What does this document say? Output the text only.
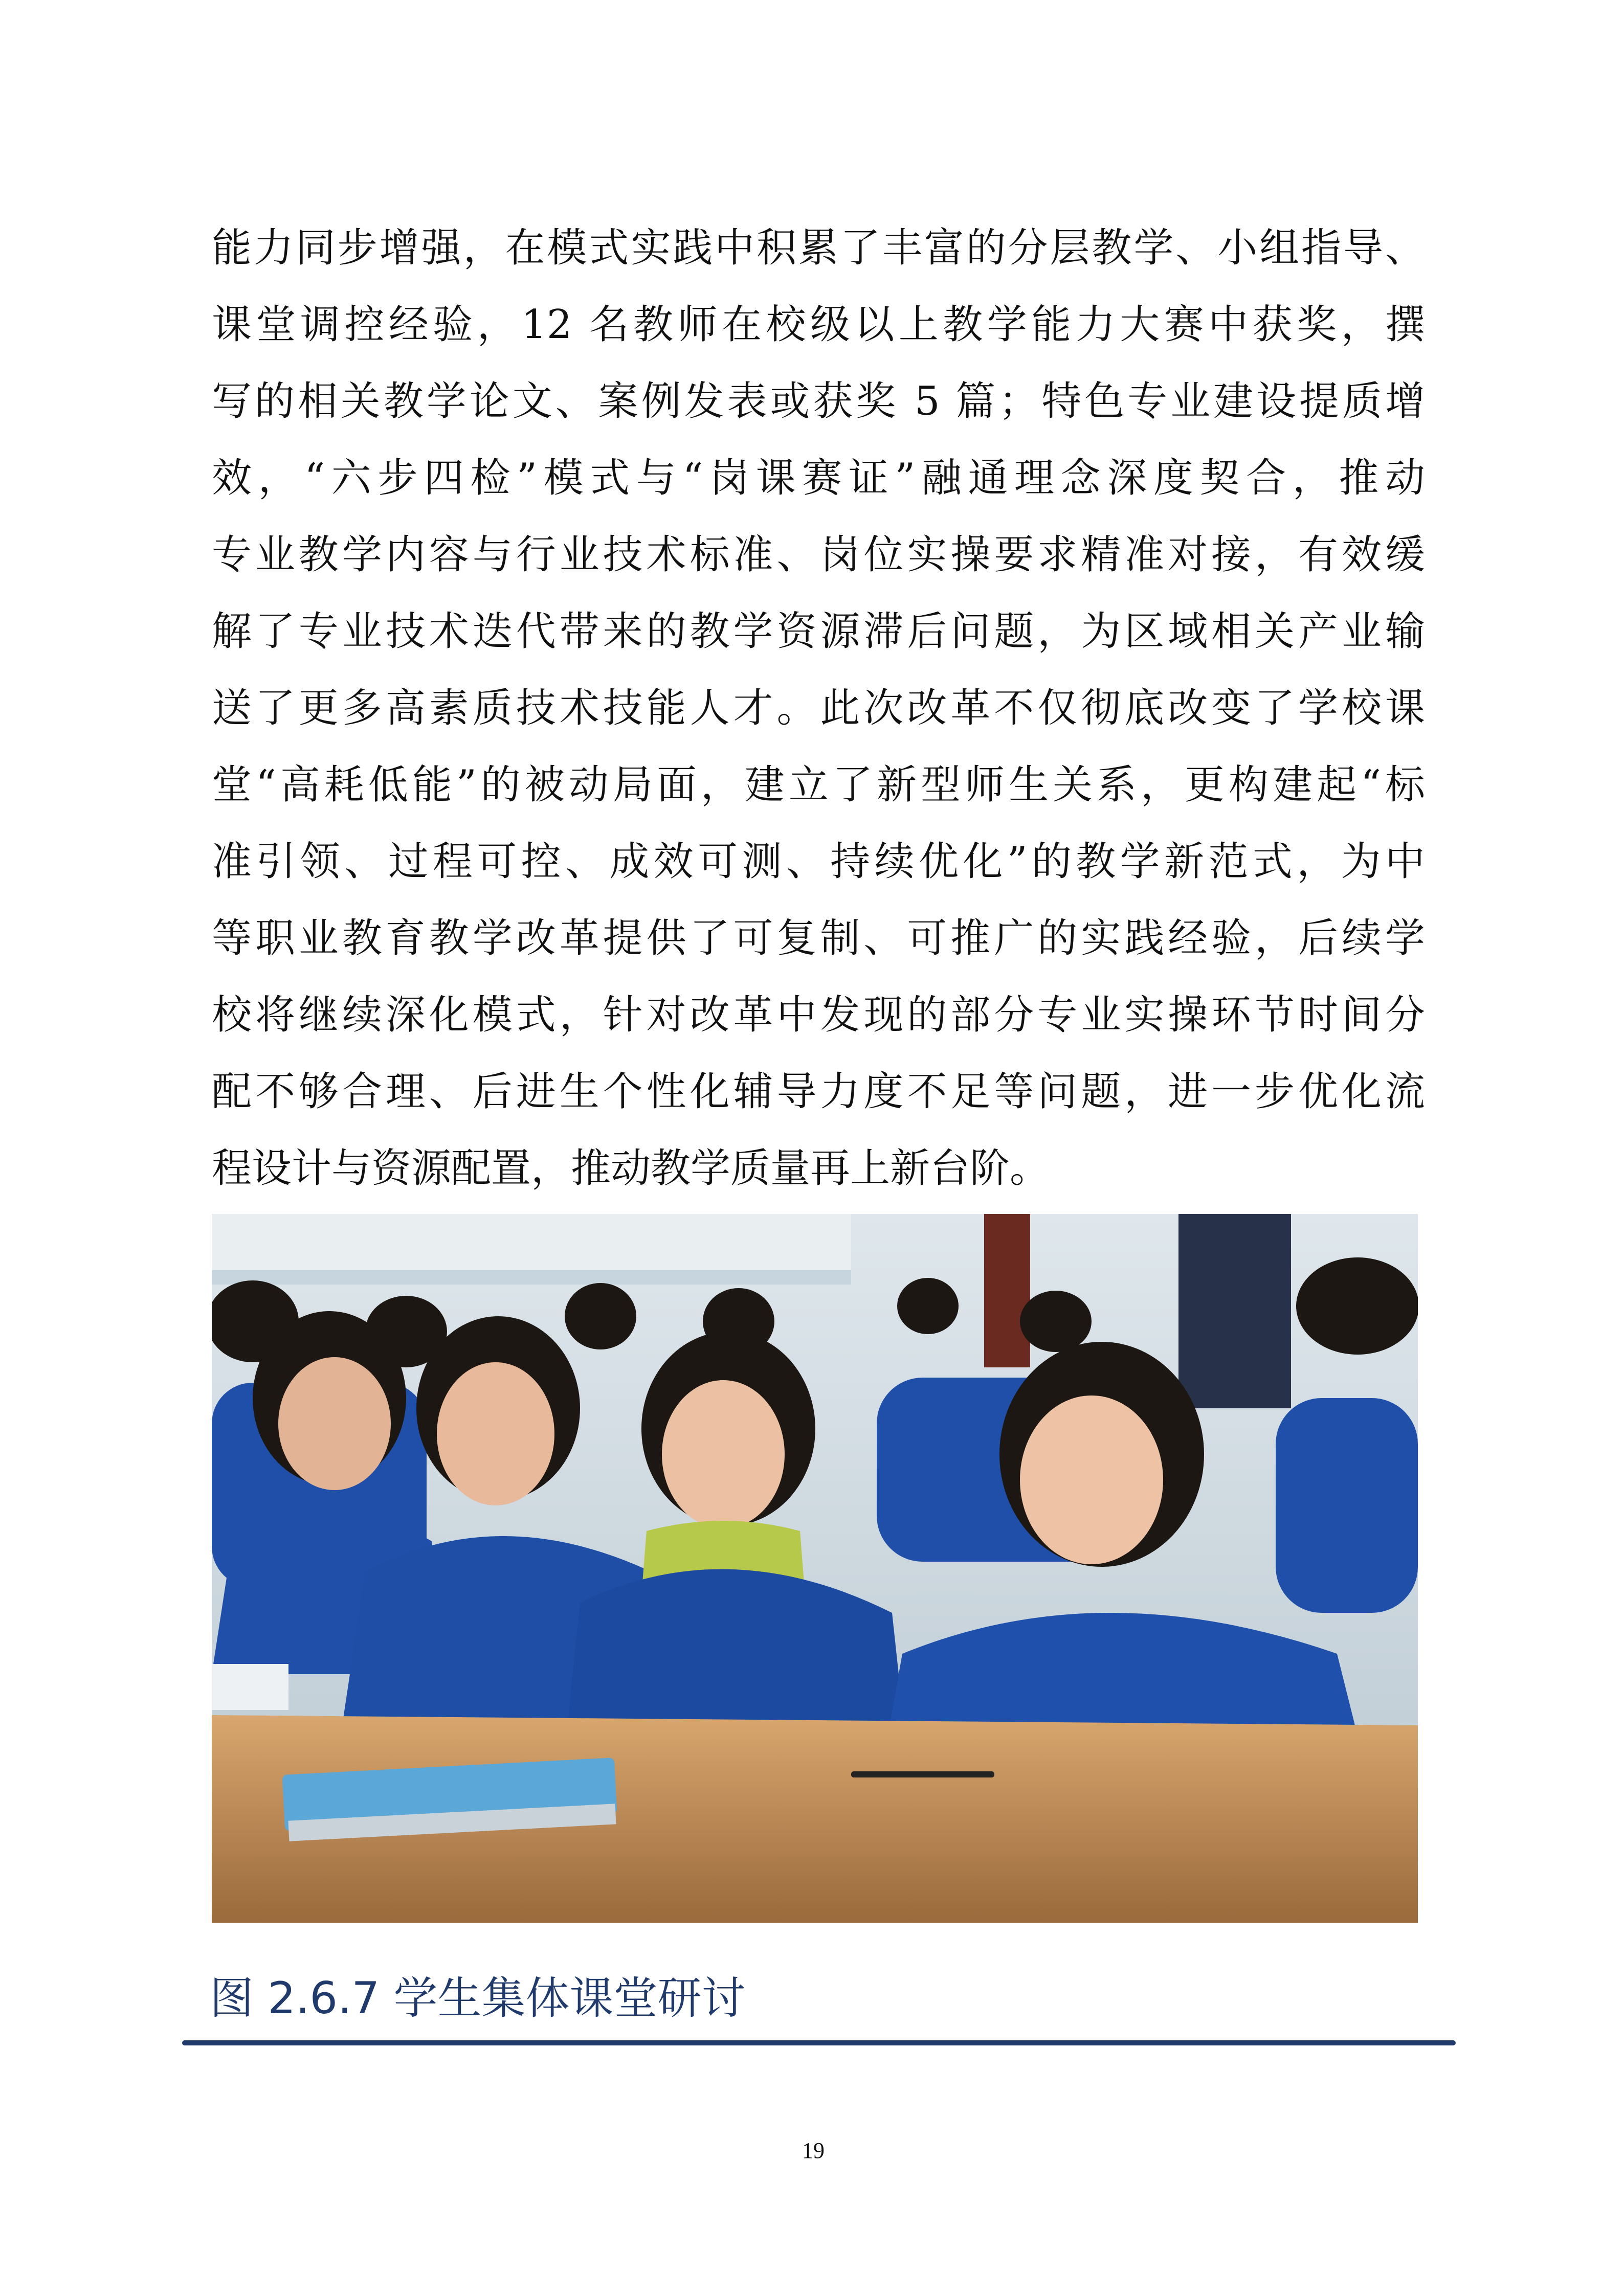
能力同步增强，在模式实践中积累了丰富的分层教学、小组指导、
课堂调控经验，12 名教师在校级以上教学能力大赛中获奖，撰
写的相关教学论文、案例发表或获奖 5 篇；特色专业建设提质增
效，“六步四检”模式与“岗课赛证”融通理念深度契合，推动
专业教学内容与行业技术标准、岗位实操要求精准对接，有效缓
解了专业技术迭代带来的教学资源滞后问题，为区域相关产业输
送了更多高素质技术技能人才。此次改革不仅彻底改变了学校课
堂“高耗低能”的被动局面，建立了新型师生关系，更构建起“标
准引领、过程可控、成效可测、持续优化”的教学新范式，为中
等职业教育教学改革提供了可复制、可推广的实践经验，后续学
校将继续深化模式，针对改革中发现的部分专业实操环节时间分
配不够合理、后进生个性化辅导力度不足等问题，进一步优化流
程设计与资源配置，推动教学质量再上新台阶。
图 2.6.7 学生集体课堂研讨
19
